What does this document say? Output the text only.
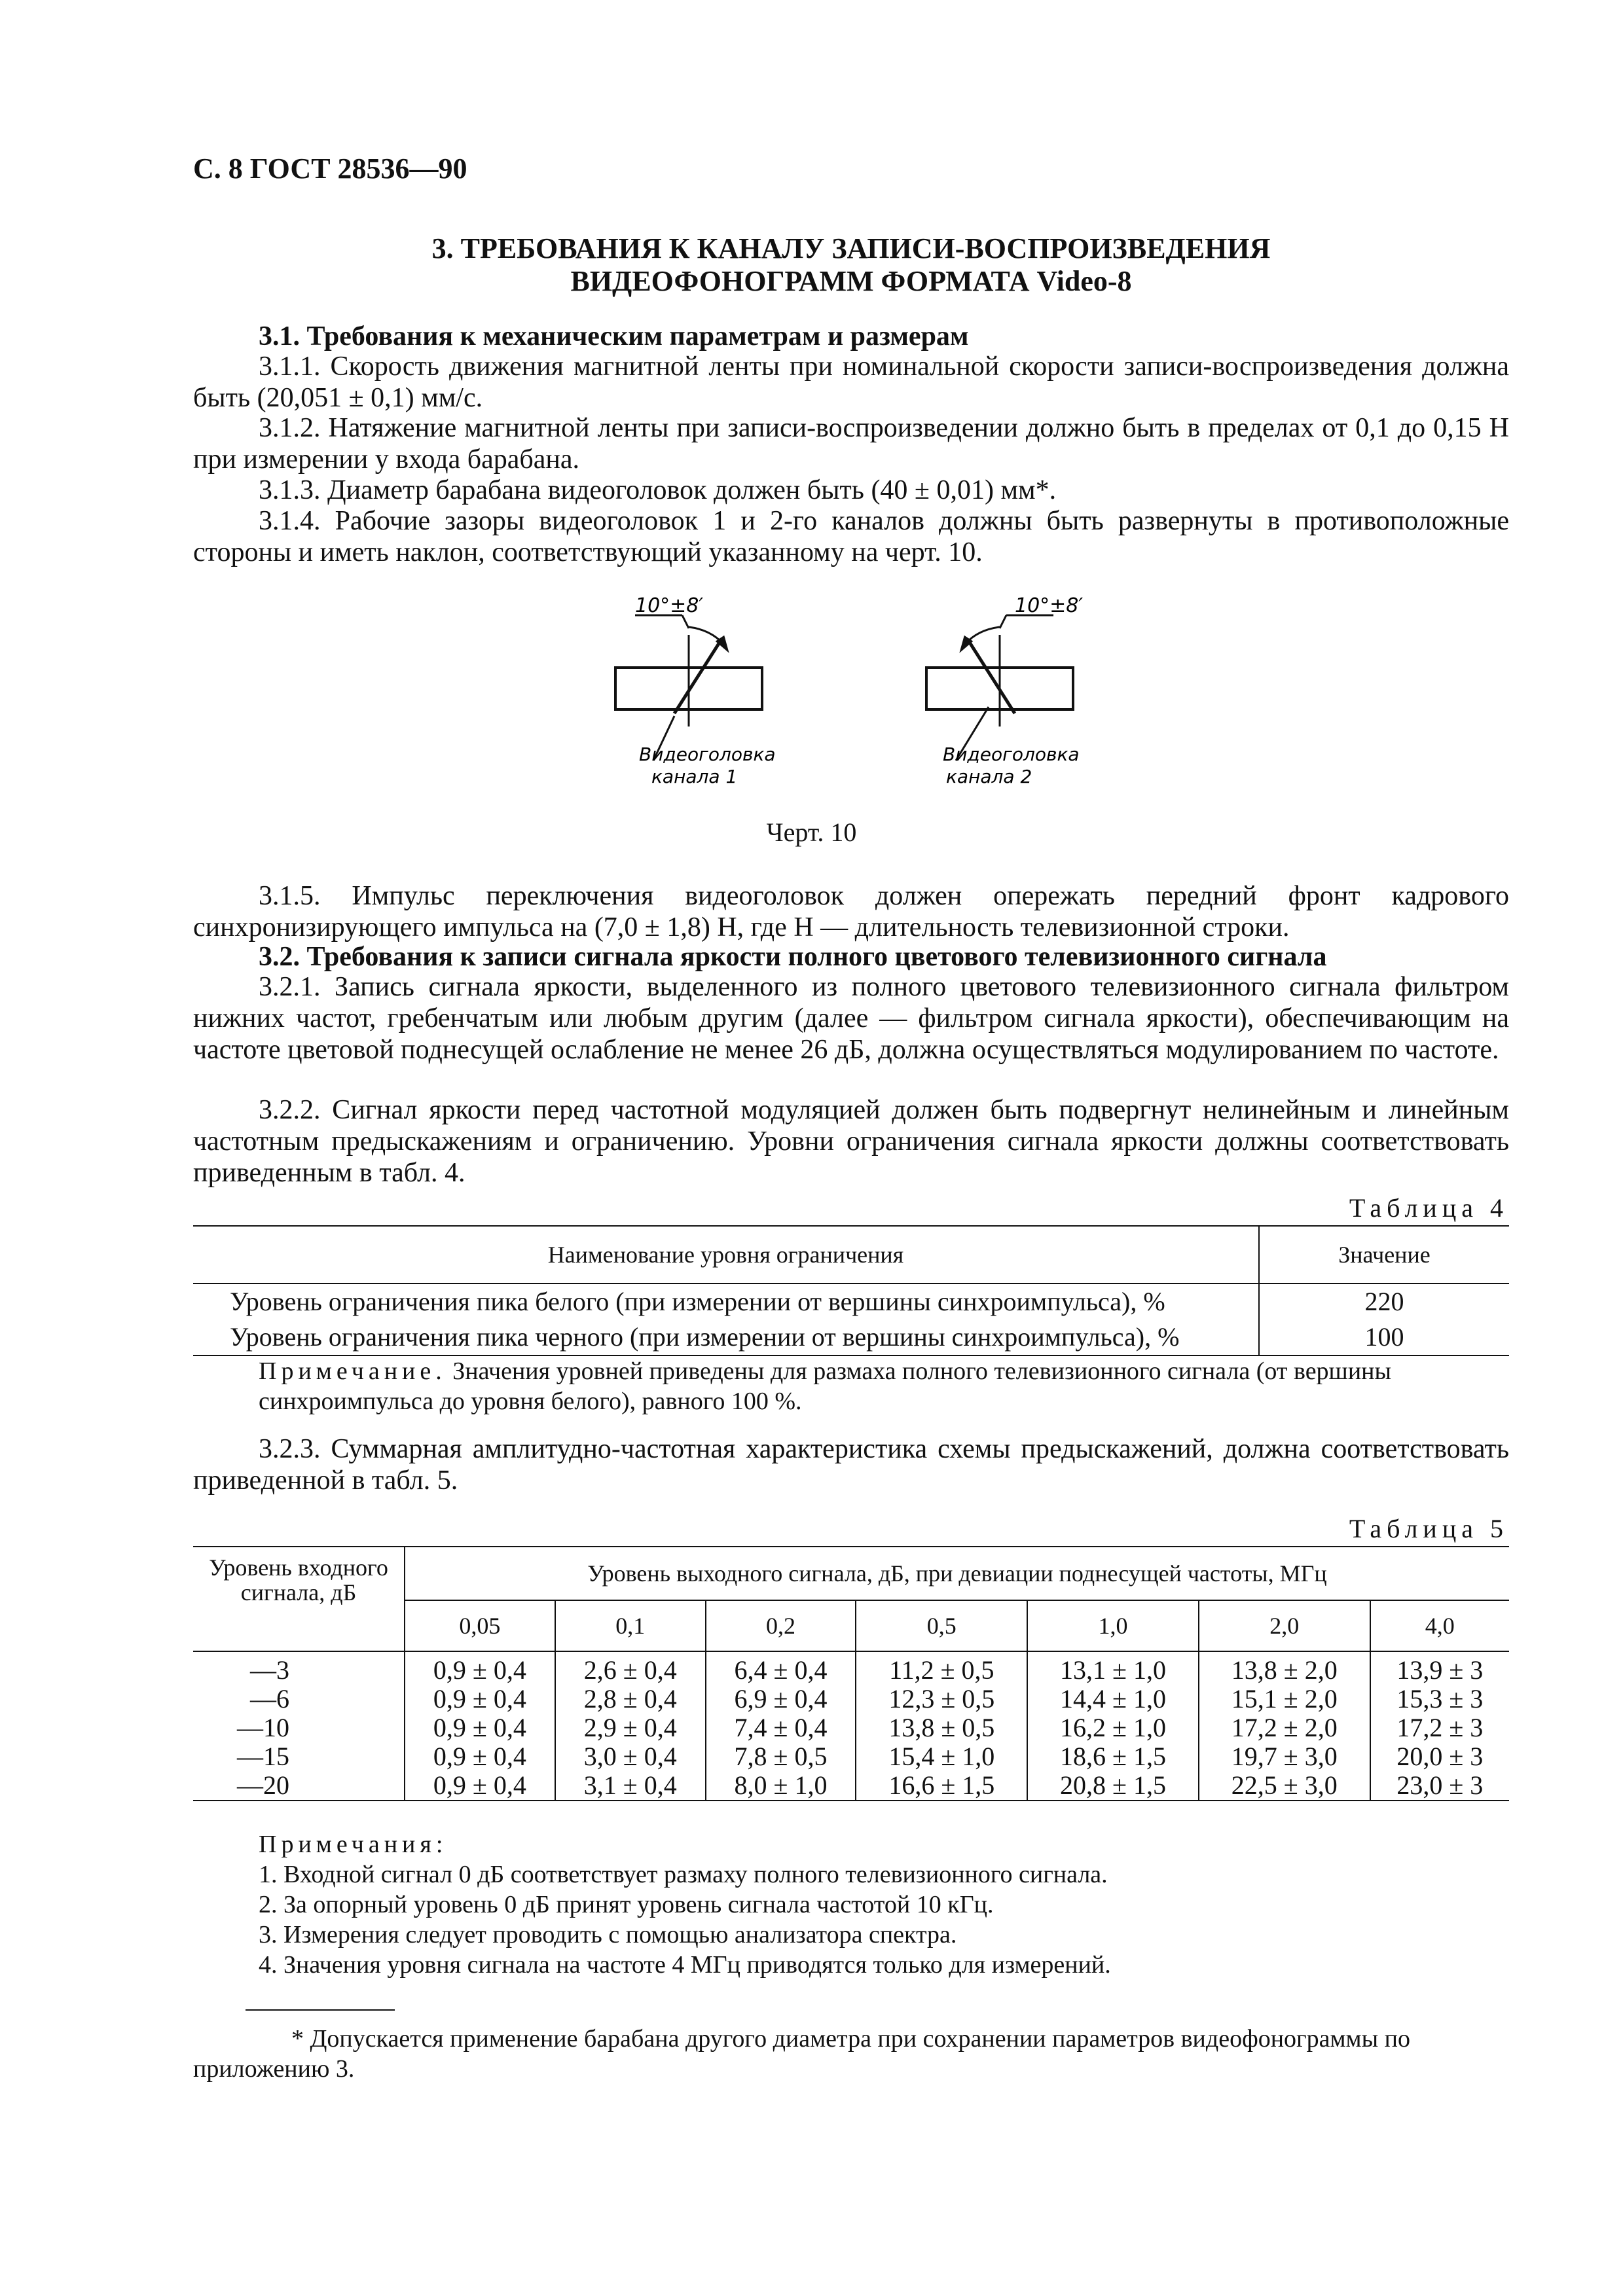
С. 8 ГОСТ 28536—90
3. ТРЕБОВАНИЯ К КАНАЛУ ЗАПИСИ-ВОСПРОИЗВЕДЕНИЯ
ВИДЕОФОНОГРАММ ФОРМАТА Video-8
3.1. Требования к механическим параметрам и размерам
3.1.1. Скорость движения магнитной ленты при номинальной скорости записи-воспроизведения должна быть (20,051 ± 0,1) мм/с.
3.1.2. Натяжение магнитной ленты при записи-воспроизведении должно быть в пределах от 0,1 до 0,15 Н при измерении у входа барабана.
3.1.3. Диаметр барабана видеоголовок должен быть (40 ± 0,01) мм*.
3.1.4. Рабочие зазоры видеоголовок 1 и 2-го каналов должны быть развернуты в противоположные стороны и иметь наклон, соответствующий указанному на черт. 10.
10°±8′
Видеоголовка
канала 1
10°±8′
Видеоголовка
канала 2
Черт. 10
3.1.5. Импульс переключения видеоголовок должен опережать передний фронт кадрового синхронизирующего импульса на (7,0 ± 1,8) H, где H — длительность телевизионной строки.
3.2. Требования к записи сигнала яркости полного цветового телевизионного сигнала
3.2.1. Запись сигнала яркости, выделенного из полного цветового телевизионного сигнала фильтром нижних частот, гребенчатым или любым другим (далее — фильтром сигнала яркости), обеспечивающим на частоте цветовой поднесущей ослабление не менее 26 дБ, должна осуществляться модулированием по частоте.
3.2.2. Сигнал яркости перед частотной модуляцией должен быть подвергнут нелинейным и линейным частотным предыскажениям и ограничению. Уровни ограничения сигнала яркости должны соответствовать приведенным в табл. 4.
Таблица 4
Наименование уровня ограничения	Значение
Уровень ограничения пика белого (при измерении от вершины синхроимпульса), %	220
Уровень ограничения пика черного (при измерении от вершины синхроимпульса), %	100
Примечание. Значения уровней приведены для размаха полного телевизионного сигнала (от вершины синхроимпульса до уровня белого), равного 100 %.
3.2.3. Суммарная амплитудно-частотная характеристика схемы предыскажений, должна соответствовать приведенной в табл. 5.
Таблица 5
Уровень входного сигнала, дБ	Уровень выходного сигнала, дБ, при девиации поднесущей частоты, МГц						
	0,05	0,1	0,2	0,5	1,0	2,0	4,0
—3	0,9 ± 0,4	2,6 ± 0,4	6,4 ± 0,4	11,2 ± 0,5	13,1 ± 1,0	13,8 ± 2,0	13,9 ± 3
—6	0,9 ± 0,4	2,8 ± 0,4	6,9 ± 0,4	12,3 ± 0,5	14,4 ± 1,0	15,1 ± 2,0	15,3 ± 3
—10	0,9 ± 0,4	2,9 ± 0,4	7,4 ± 0,4	13,8 ± 0,5	16,2 ± 1,0	17,2 ± 2,0	17,2 ± 3
—15	0,9 ± 0,4	3,0 ± 0,4	7,8 ± 0,5	15,4 ± 1,0	18,6 ± 1,5	19,7 ± 3,0	20,0 ± 3
—20	0,9 ± 0,4	3,1 ± 0,4	8,0 ± 1,0	16,6 ± 1,5	20,8 ± 1,5	22,5 ± 3,0	23,0 ± 3
Примечания:
1. Входной сигнал 0 дБ соответствует размаху полного телевизионного сигнала.
2. За опорный уровень 0 дБ принят уровень сигнала частотой 10 кГц.
3. Измерения следует проводить с помощью анализатора спектра.
4. Значения уровня сигнала на частоте 4 МГц приводятся только для измерений.
* Допускается применение барабана другого диаметра при сохранении параметров видеофонограммы по приложению 3.
